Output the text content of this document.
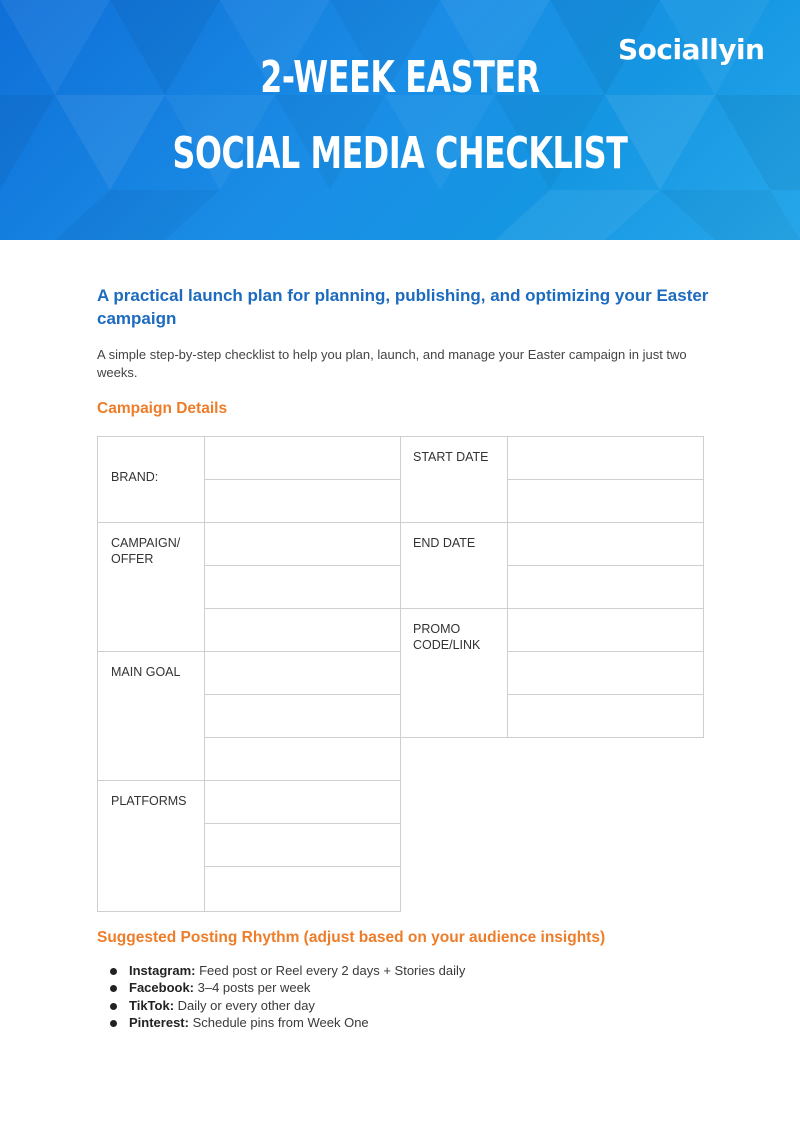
2-WEEK EASTER
SOCIAL MEDIA CHECKLIST
Sociallyin
A practical launch plan for planning, publishing, and optimizing your Easter campaign
A simple step-by-step checklist to help you plan, launch, and manage your Easter campaign in just two weeks.
Campaign Details
BRAND:
CAMPAIGN/ OFFER
MAIN GOAL
PLATFORMS
START DATE
END DATE
PROMO CODE/LINK
Suggested Posting Rhythm (adjust based on your audience insights)
Instagram: Feed post or Reel every 2 days + Stories daily
Facebook: 3–4 posts per week
TikTok: Daily or every other day
Pinterest: Schedule pins from Week One
